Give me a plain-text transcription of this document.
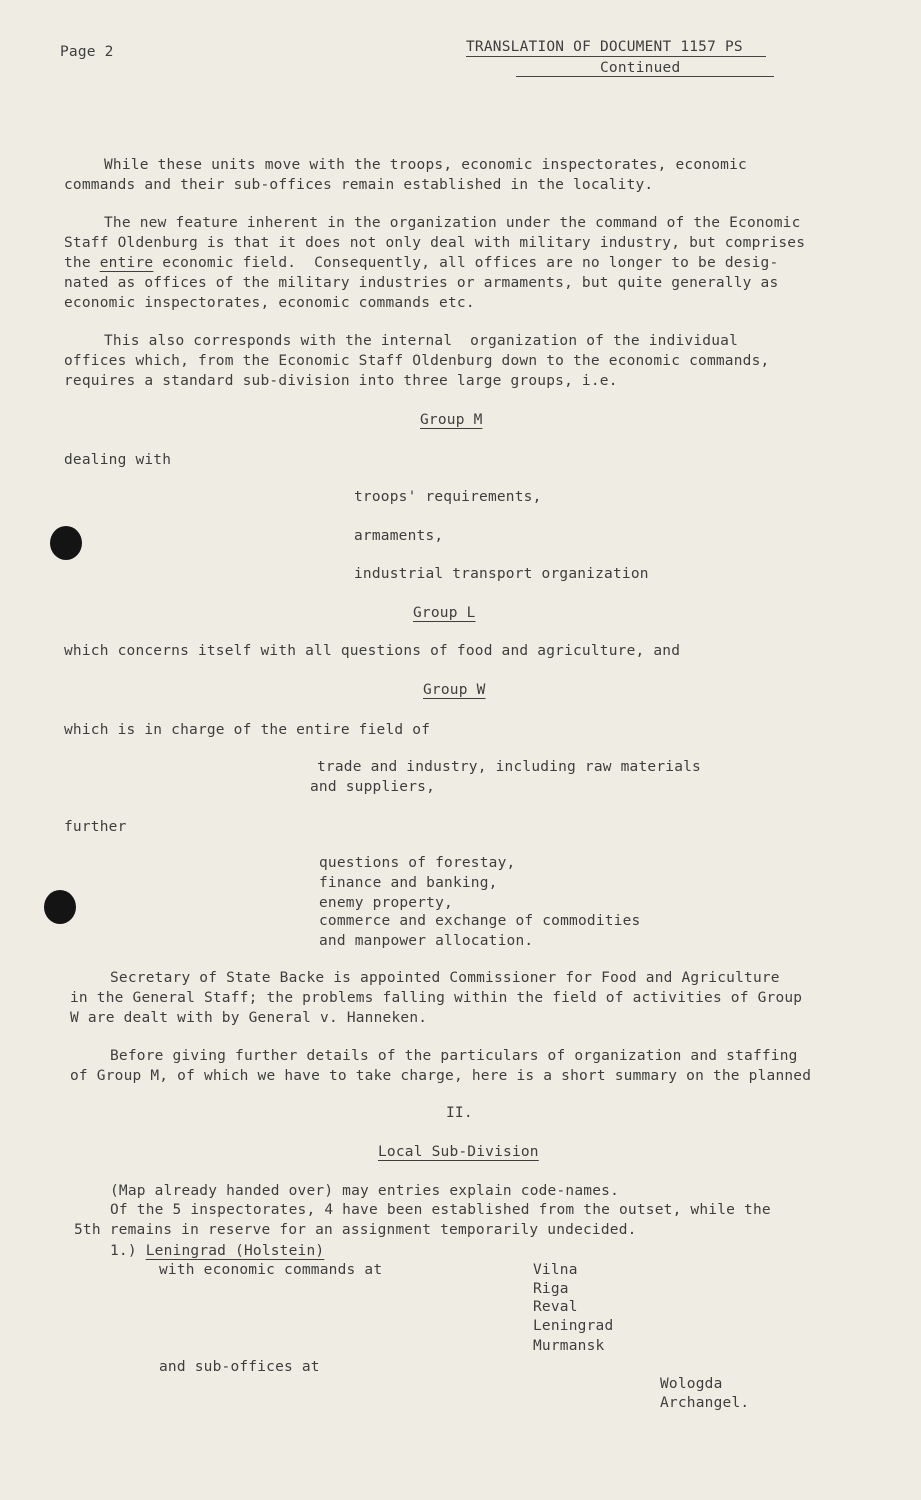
Page 2	TRANSLATION OF DOCUMENT 1157 PS
Continued
While these units move with the troops, economic inspectorates, economic
commands and their sub-offices remain established in the locality.
The new feature inherent in the organization under the command of the Economic
Staff Oldenburg is that it does not only deal with military industry, but comprises
the entire economic field.  Consequently, all offices are no longer to be desig-
nated as offices of the military industries or armaments, but quite generally as
economic inspectorates, economic commands etc.
This also corresponds with the internal  organization of the individual
offices which, from the Economic Staff Oldenburg down to the economic commands,
requires a standard sub-division into three large groups, i.e.
Group M
dealing with
troops' requirements,
armaments,
industrial transport organization
Group L
which concerns itself with all questions of food and agriculture, and
Group W
which is in charge of the entire field of
trade and industry, including raw materials
and suppliers,
further
questions of forestay,
finance and banking,
enemy property,
commerce and exchange of commodities
and manpower allocation.
Secretary of State Backe is appointed Commissioner for Food and Agriculture
in the General Staff; the problems falling within the field of activities of Group
W are dealt with by General v. Hanneken.
Before giving further details of the particulars of organization and staffing
of Group M, of which we have to take charge, here is a short summary on the planned
II.
Local Sub-Division
(Map already handed over) may entries explain code-names.
Of the 5 inspectorates, 4 have been established from the outset, while the
5th remains in reserve for an assignment temporarily undecided.
1.) Leningrad (Holstein)
with economic commands at	Vilna
Riga
Reval
Leningrad
Murmansk
and sub-offices at
Wologda
Archangel.
